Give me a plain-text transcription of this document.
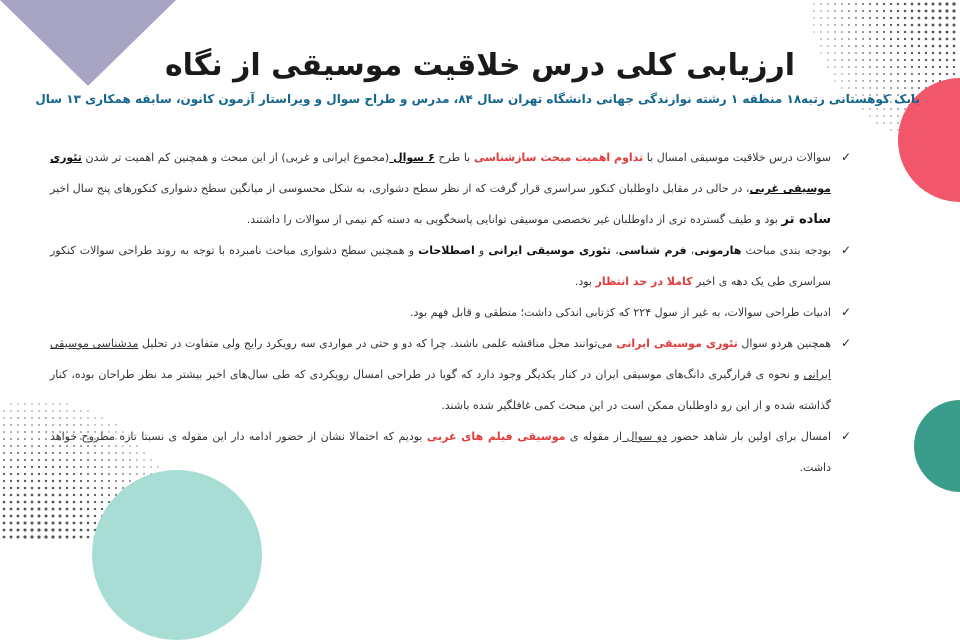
ارزیابی کلی درس خلاقیت موسیقی از نگاه
بابک کوهستانی رتبه۱۸ منطقه ۱ رشته نوازندگی جهانی دانشگاه تهران سال ۸۴، مدرس و طراح سوال و ویراستار آزمون کانون، سابقه همکاری ۱۳ سال

✓
سوالات درس خلاقیت موسیقی امسال با تداوم اهمیت مبحث سازشناسی با طرح ۶ سوال (مجموع ایرانی و غربی) از این مبحث و همچنین کم اهمیت تر شدن تئوری موسیقی غربی، در حالی در مقابل داوطلبان کنکور سراسری قرار گرفت که از نظر سطح دشواری، به شکل محسوسی از میانگین سطح دشواری کنکورهای پنج سال اخیر ساده تر بود و طیف گسترده تری از داوطلبان غیر تخصصی موسیقی توانایی پاسخگویی به دسته کم نیمی از سوالات را داشتند.

✓
بودجه بندی مباحث هارمونی، فرم شناسی، تئوری موسیقی ایرانی و اصطلاحات و همچنین سطح دشواری مباحث نامبرده با توجه به روند طراحی سوالات کنکور سراسری طی یک دهه ی اخیر کاملا در حد انتظار بود.

✓
ادبیات طراحی سوالات، به غیر از سول ۲۲۴ که کژتابی اندکی داشت؛ منطقی و قابل فهم بود.

✓
همچنین هردو سوال تئوری موسیقی ایرانی می‌توانند محل مناقشه علمی باشند. چرا که دو و حتی در مواردی سه رویکرد رایج ولی متفاوت در تحلیل مدشناسی موسیقی ایرانی و نحوه ی قرارگیری دانگ‌های موسیقی ایران در کنار یکدیگر وجود دارد که گویا در طراحی امسال رویکردی که طی سال‌های اخیر بیشتر مد نظر طراحان بوده، کنار گذاشته شده و از این رو داوطلبان ممکن است در این مبحث کمی غافلگیر شده باشند.

✓
امسال برای اولین بار شاهد حضور دو سوال از مقوله ی موسیقی فیلم های غربی بودیم که احتمالا نشان از حضور ادامه دار این مقوله ی نسبتا تازه مطروح خواهد داشت.
